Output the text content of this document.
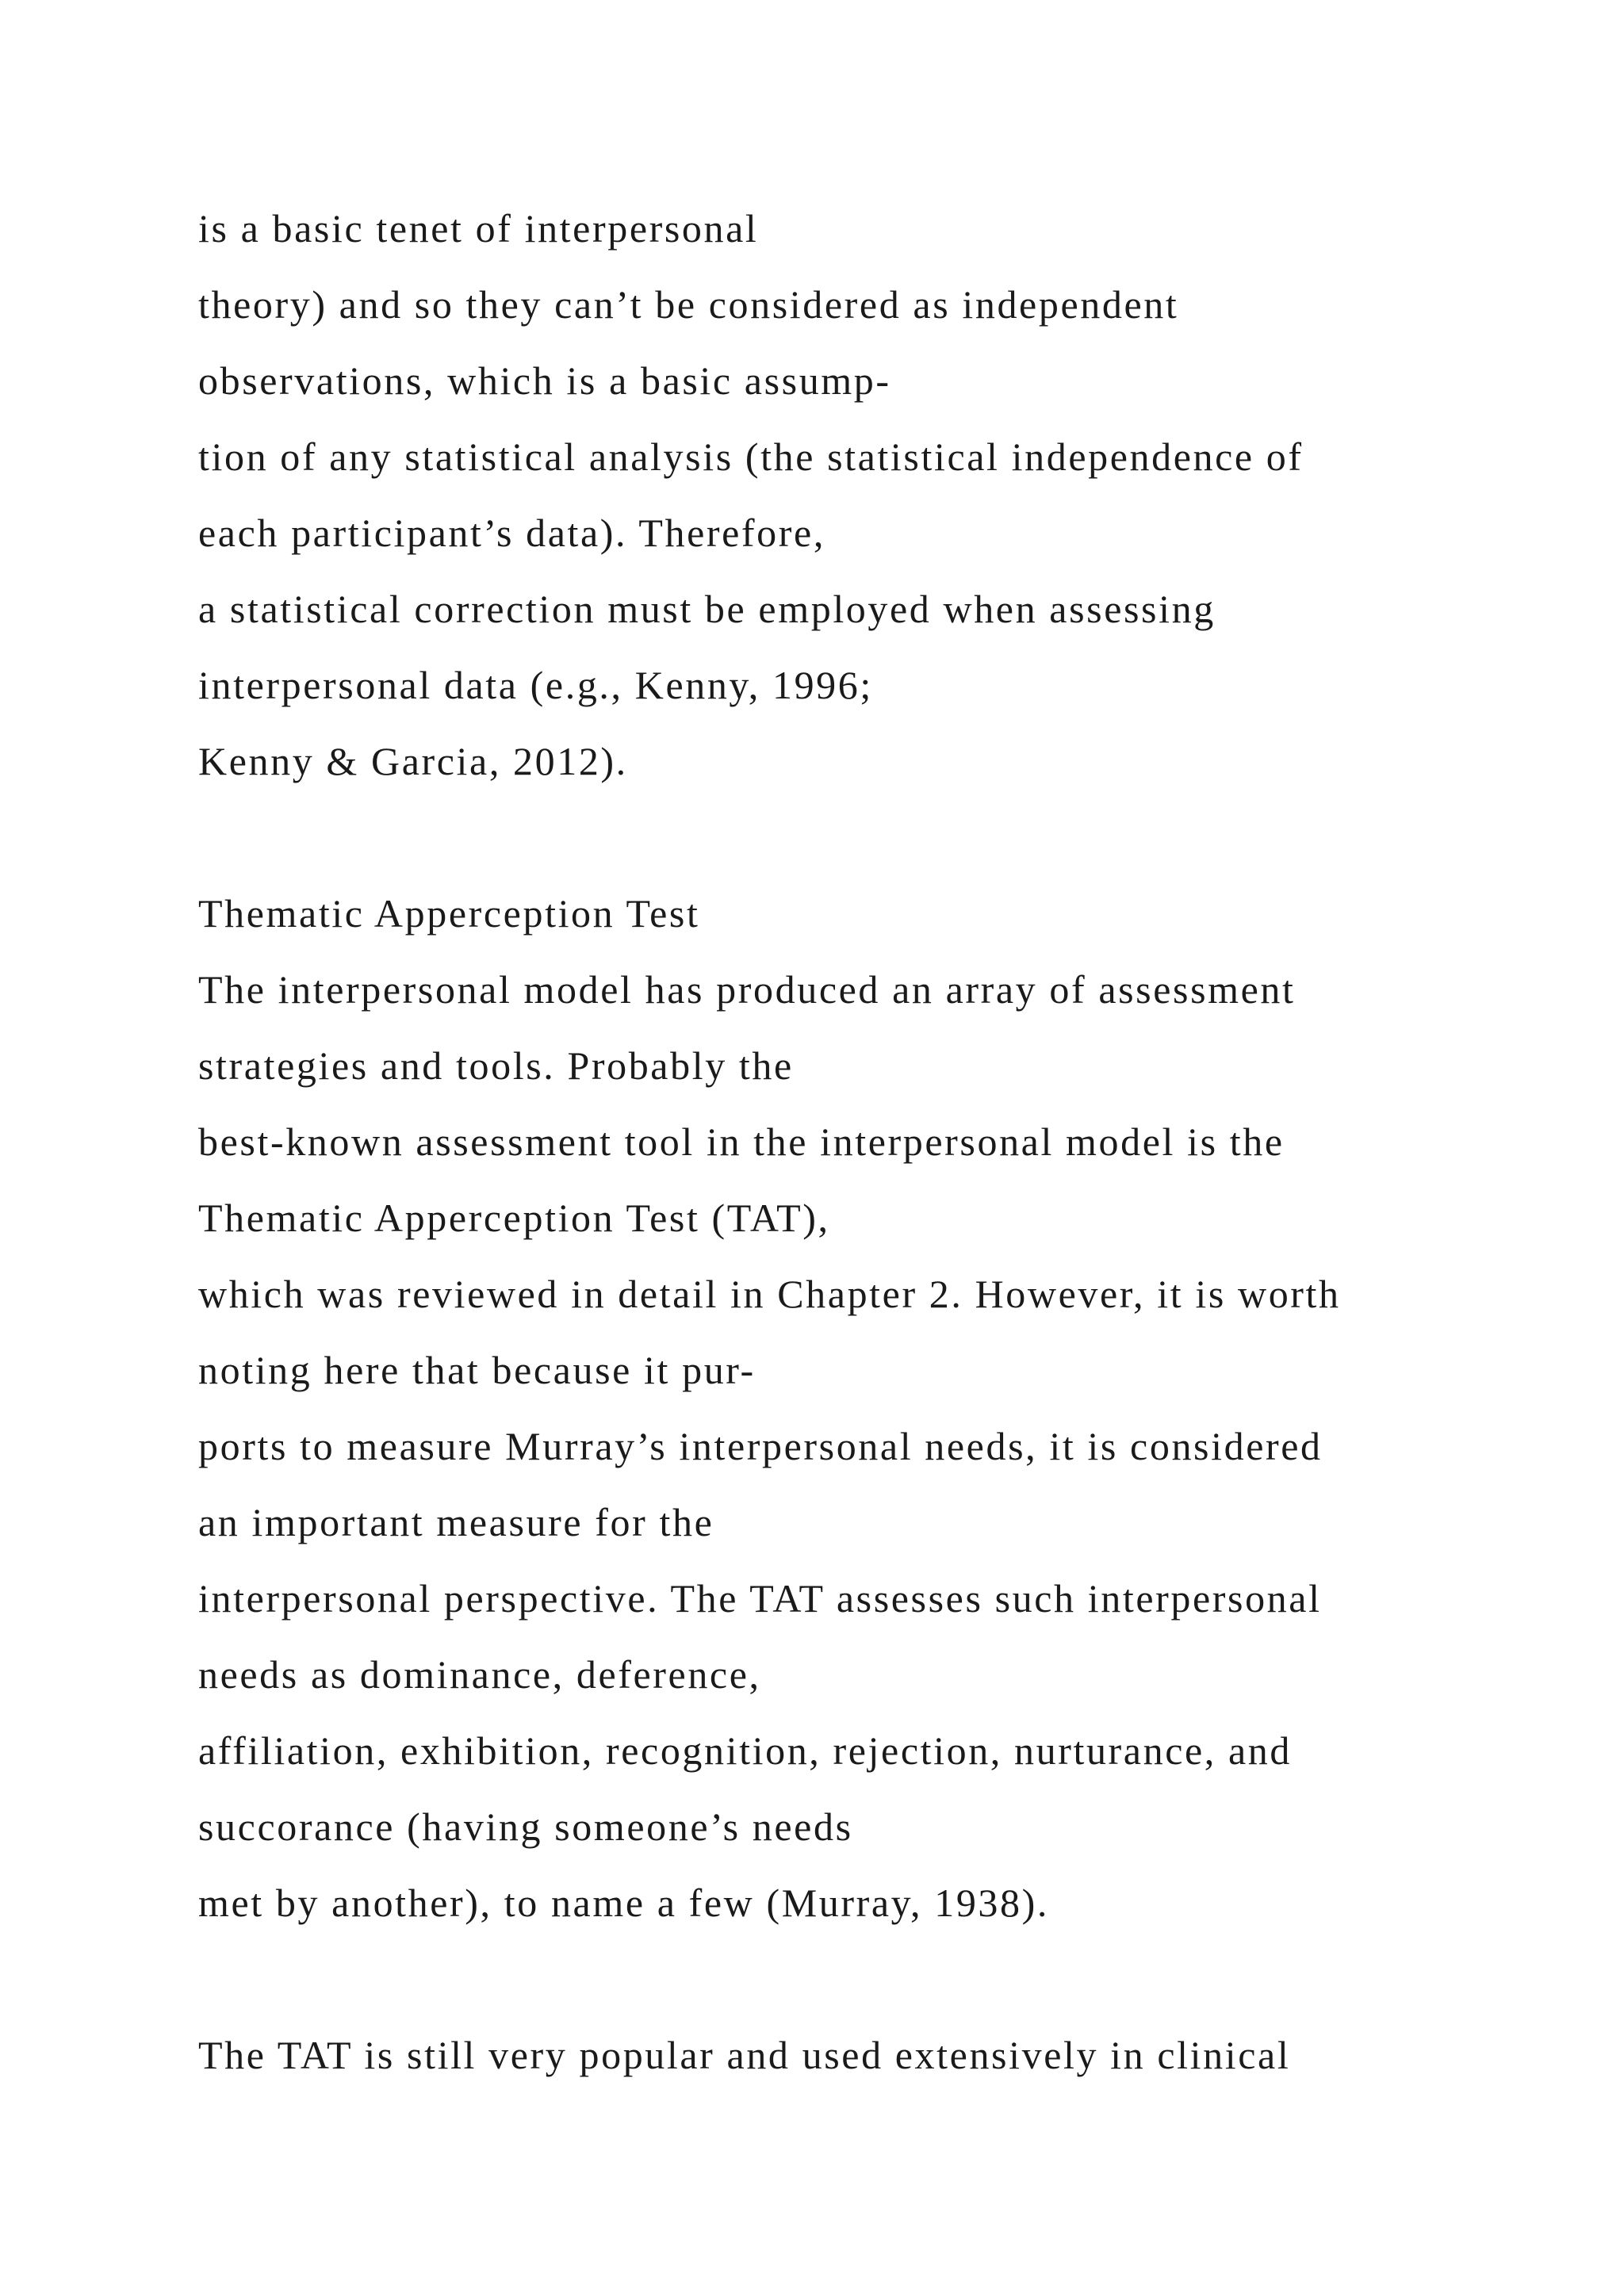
is a basic tenet of interpersonal
theory) and so they can’t be considered as independent
observations, which is a basic assump-
tion of any statistical analysis (the statistical independence of
each participant’s data). Therefore,
a statistical correction must be employed when assessing
interpersonal data (e.g., Kenny, 1996;
Kenny & Garcia, 2012).
Thematic Apperception Test
The interpersonal model has produced an array of assessment
strategies and tools. Probably the
best-known assessment tool in the interpersonal model is the
Thematic Apperception Test (TAT),
which was reviewed in detail in Chapter 2. However, it is worth
noting here that because it pur-
ports to measure Murray’s interpersonal needs, it is considered
an important measure for the
interpersonal perspective. The TAT assesses such interpersonal
needs as dominance, deference,
affiliation, exhibition, recognition, rejection, nurturance, and
succorance (having someone’s needs
met by another), to name a few (Murray, 1938).
The TAT is still very popular and used extensively in clinical
